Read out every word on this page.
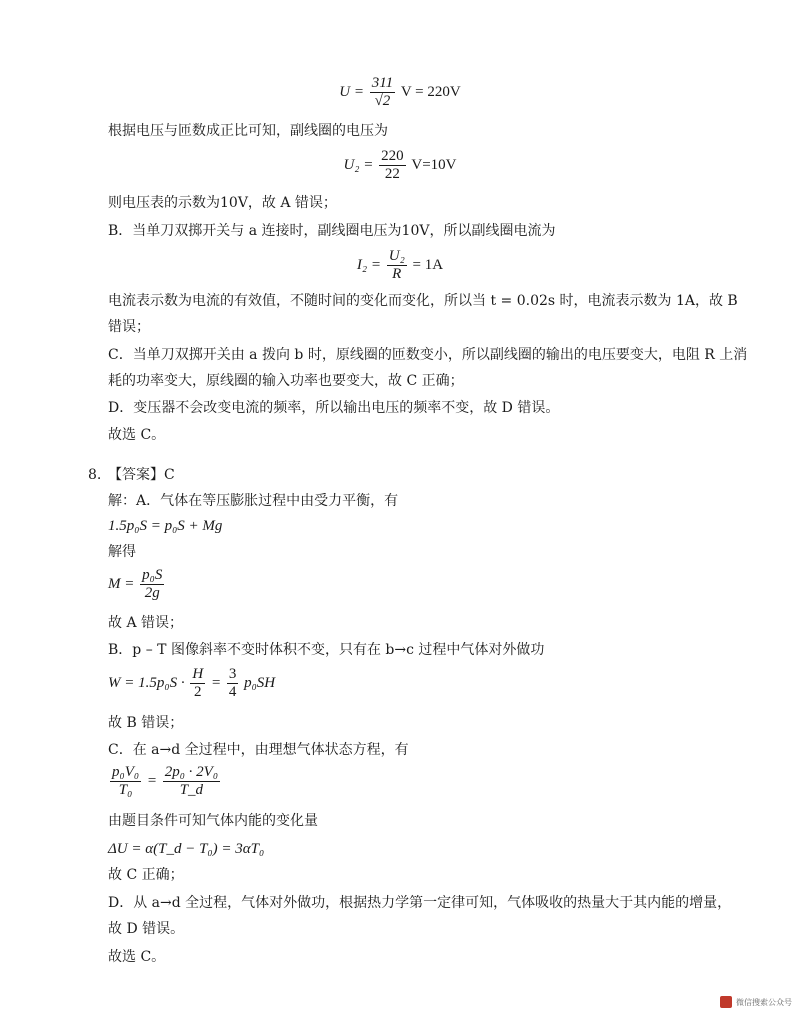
$U = \frac{311}{√2}$ V = 220V
根据电压与匝数成正比可知，副线圈的电压为
$U_2 = \frac{220}{22} V=10V$
则电压表的示数为10V，故 A 错误；
B．当单刀双掷开关与 a 连接时，副线圈电压为10V，所以副线圈电流为
$I_2 = \frac{\text{U₂}}{R} = 1A$
电流表示数为电流的有效值，不随时间的变化而变化，所以当 t = 0.02s 时，电流表示数为 1A，故 B
错误；
C．当单刀双掷开关由 a 拨向 b 时，原线圈的匝数变小，所以副线圈的输出的电压要变大，电阻 R 上消
耗的功率变大，原线圈的输入功率也要变大，故 C 正确；
D．变压器不会改变电流的频率，所以输出电压的频率不变，故 D 错误。
故选 C。
8. 【答案】C
解：A．气体在等压膨胀过程中由受力平衡，有
1.5p₀S = p₀S + Mg
解得
$M = \frac{\text{p₀S}}{2g}$
故 A 错误；
B．p – T 图像斜率不变时体积不变，只有在 b→c 过程中气体对外做功
$W = 1.5p_0S \cdot \frac{H}{2} = \frac{3}{4} p_0SH$
故 B 错误；
C．在 a→d 全过程中，由理想气体状态方程，有
$\frac{\text{p₀V₀}}{\text{T₀}} = \frac{\text{2p₀ · 2V₀}}{T\_d}$
由题目条件可知气体内能的变化量
ΔU = α(T_d − T₀) = 3αT₀
故 C 正确；
D．从 a→d 全过程，气体对外做功，根据热力学第一定律可知，气体吸收的热量大于其内能的增量，
故 D 错误。
故选 C。
微信搜索公众号
